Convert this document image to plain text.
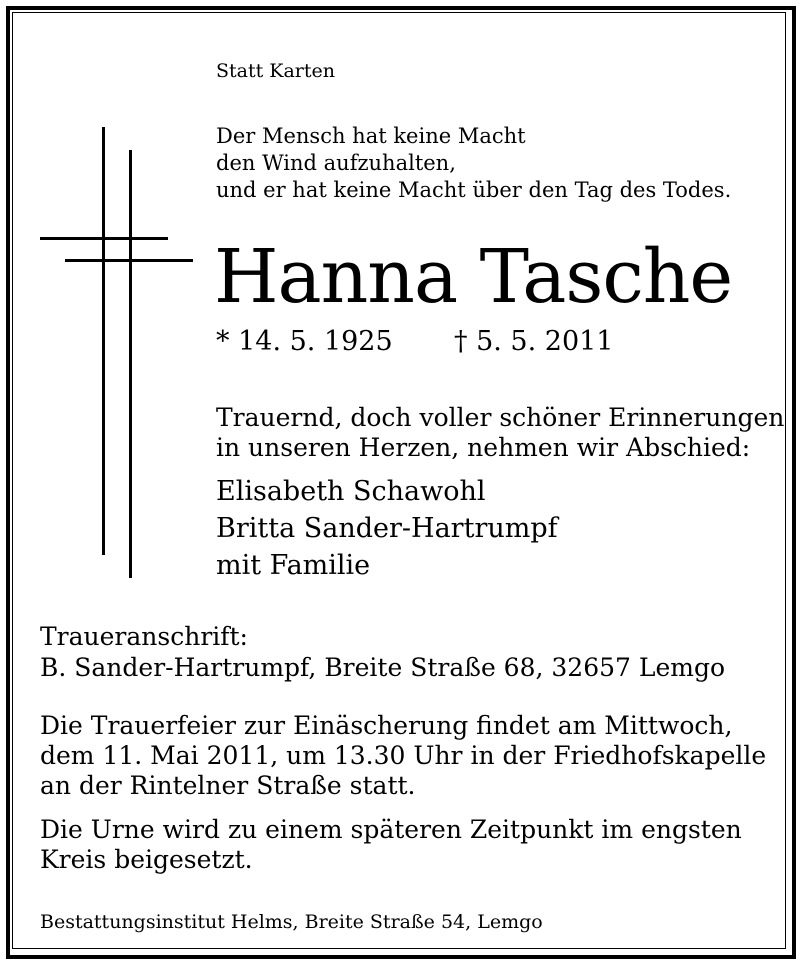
Statt Karten
Der Mensch hat keine Macht
den Wind aufzuhalten,
und er hat keine Macht über den Tag des Todes.
Hanna Tasche
* 14. 5. 1925 † 5. 5. 2011
Trauernd, doch voller schöner Erinnerungen
in unseren Herzen, nehmen wir Abschied:
Elisabeth Schawohl
Britta Sander-Hartrumpf
mit Familie
Traueranschrift:
B. Sander-Hartrumpf, Breite Straße 68, 32657 Lemgo
Die Trauerfeier zur Einäscherung findet am Mittwoch,
dem 11. Mai 2011, um 13.30 Uhr in der Friedhofskapelle
an der Rintelner Straße statt.
Die Urne wird zu einem späteren Zeitpunkt im engsten
Kreis beigesetzt.
Bestattungsinstitut Helms, Breite Straße 54, Lemgo
